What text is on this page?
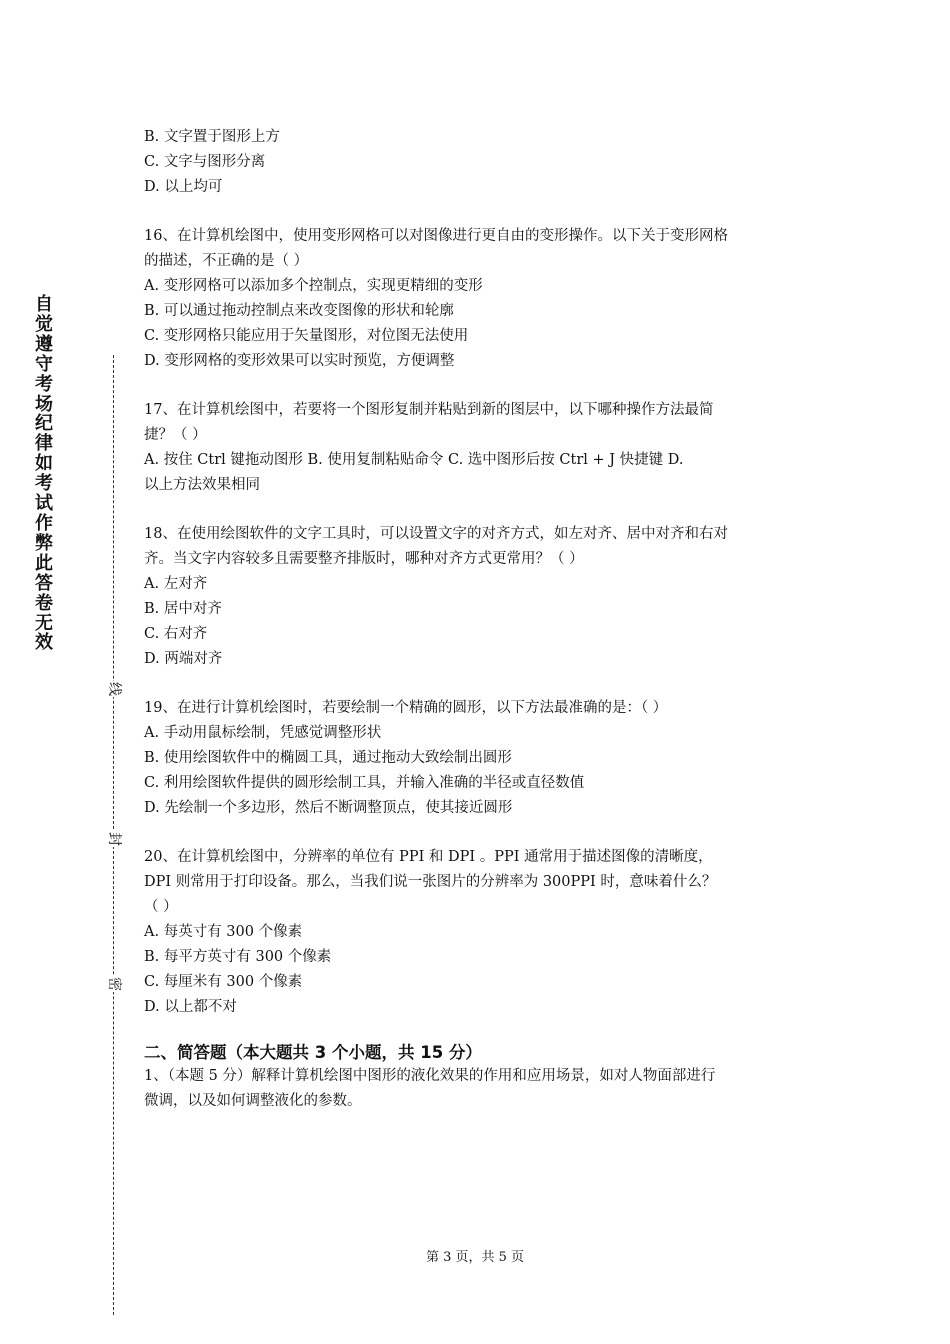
自觉遵守考场纪律如考试作弊此答卷无效
线
封
密
B. 文字置于图形上方
C. 文字与图形分离
D. 以上均可
16、在计算机绘图中，使用变形网格可以对图像进行更自由的变形操作。以下关于变形网格
的描述，不正确的是（ ）
A. 变形网格可以添加多个控制点，实现更精细的变形
B. 可以通过拖动控制点来改变图像的形状和轮廓
C. 变形网格只能应用于矢量图形，对位图无法使用
D. 变形网格的变形效果可以实时预览，方便调整
17、在计算机绘图中，若要将一个图形复制并粘贴到新的图层中，以下哪种操作方法最简
捷？（ ）
A. 按住 Ctrl 键拖动图形 B. 使用复制粘贴命令 C. 选中图形后按 Ctrl + J 快捷键 D.
以上方法效果相同
18、在使用绘图软件的文字工具时，可以设置文字的对齐方式，如左对齐、居中对齐和右对
齐。当文字内容较多且需要整齐排版时，哪种对齐方式更常用？（ ）
A. 左对齐
B. 居中对齐
C. 右对齐
D. 两端对齐
19、在进行计算机绘图时，若要绘制一个精确的圆形，以下方法最准确的是：（ ）
A. 手动用鼠标绘制，凭感觉调整形状
B. 使用绘图软件中的椭圆工具，通过拖动大致绘制出圆形
C. 利用绘图软件提供的圆形绘制工具，并输入准确的半径或直径数值
D. 先绘制一个多边形，然后不断调整顶点，使其接近圆形
20、在计算机绘图中，分辨率的单位有 PPI 和 DPI 。PPI 通常用于描述图像的清晰度，
DPI 则常用于打印设备。那么，当我们说一张图片的分辨率为 300PPI 时，意味着什么？
（ ）
A. 每英寸有 300 个像素
B. 每平方英寸有 300 个像素
C. 每厘米有 300 个像素
D. 以上都不对
二、简答题（本大题共 3 个小题，共 15 分）
1、（本题 5 分）解释计算机绘图中图形的液化效果的作用和应用场景，如对人物面部进行
微调，以及如何调整液化的参数。
第 3 页，共 5 页
